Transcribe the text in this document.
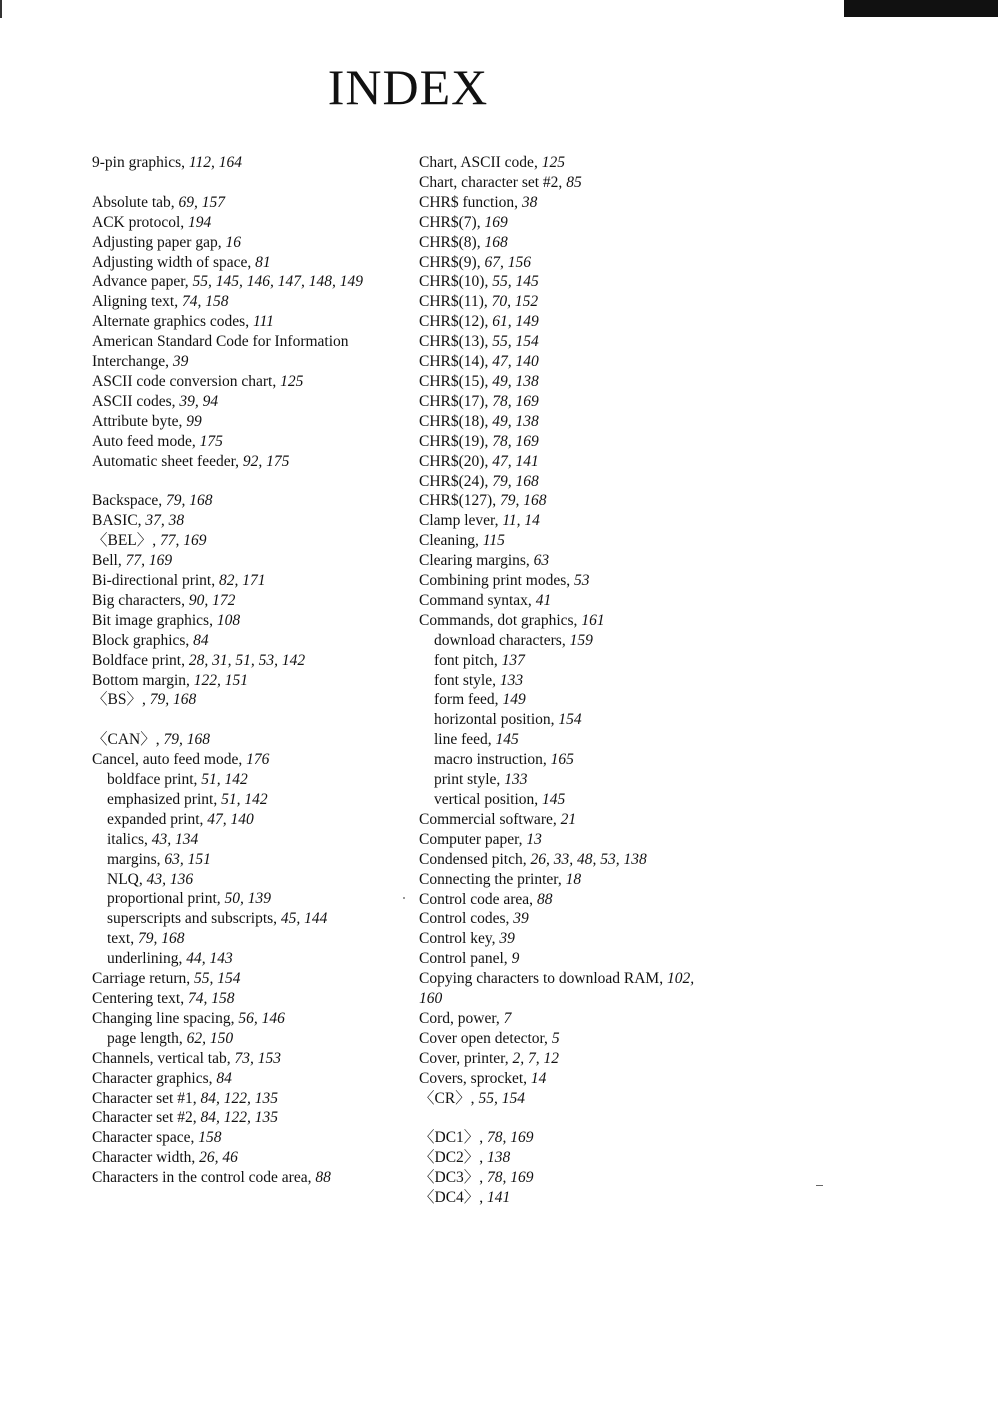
INDEX
9-pin graphics, 112, 164
Absolute tab, 69, 157
ACK protocol, 194
Adjusting paper gap, 16
Adjusting width of space, 81
Advance paper, 55, 145, 146, 147, 148, 149
Aligning text, 74, 158
Alternate graphics codes, 111
American Standard Code for Information Interchange, 39
ASCII code conversion chart, 125
ASCII codes, 39, 94
Attribute byte, 99
Auto feed mode, 175
Automatic sheet feeder, 92, 175
Backspace, 79, 168
BASIC, 37, 38
〈BEL〉, 77, 169
Bell, 77, 169
Bi-directional print, 82, 171
Big characters, 90, 172
Bit image graphics, 108
Block graphics, 84
Boldface print, 28, 31, 51, 53, 142
Bottom margin, 122, 151
〈BS〉, 79, 168
〈CAN〉, 79, 168
Cancel, auto feed mode, 176
boldface print, 51, 142
emphasized print, 51, 142
expanded print, 47, 140
italics, 43, 134
margins, 63, 151
NLQ, 43, 136
proportional print, 50, 139
superscripts and subscripts, 45, 144
text, 79, 168
underlining, 44, 143
Carriage return, 55, 154
Centering text, 74, 158
Changing line spacing, 56, 146
page length, 62, 150
Channels, vertical tab, 73, 153
Character graphics, 84
Character set #1, 84, 122, 135
Character set #2, 84, 122, 135
Character space, 158
Character width, 26, 46
Characters in the control code area, 88
Chart, ASCII code, 125
Chart, character set #2, 85
CHR$ function, 38
CHR$(7), 169
CHR$(8), 168
CHR$(9), 67, 156
CHR$(10), 55, 145
CHR$(11), 70, 152
CHR$(12), 61, 149
CHR$(13), 55, 154
CHR$(14), 47, 140
CHR$(15), 49, 138
CHR$(17), 78, 169
CHR$(18), 49, 138
CHR$(19), 78, 169
CHR$(20), 47, 141
CHR$(24), 79, 168
CHR$(127), 79, 168
Clamp lever, 11, 14
Cleaning, 115
Clearing margins, 63
Combining print modes, 53
Command syntax, 41
Commands, dot graphics, 161
download characters, 159
font pitch, 137
font style, 133
form feed, 149
horizontal position, 154
line feed, 145
macro instruction, 165
print style, 133
vertical position, 145
Commercial software, 21
Computer paper, 13
Condensed pitch, 26, 33, 48, 53, 138
Connecting the printer, 18
Control code area, 88
Control codes, 39
Control key, 39
Control panel, 9
Copying characters to download RAM, 102, 160
Cord, power, 7
Cover open detector, 5
Cover, printer, 2, 7, 12
Covers, sprocket, 14
〈CR〉, 55, 154
〈DC1〉, 78, 169
〈DC2〉, 138
〈DC3〉, 78, 169
〈DC4〉, 141
